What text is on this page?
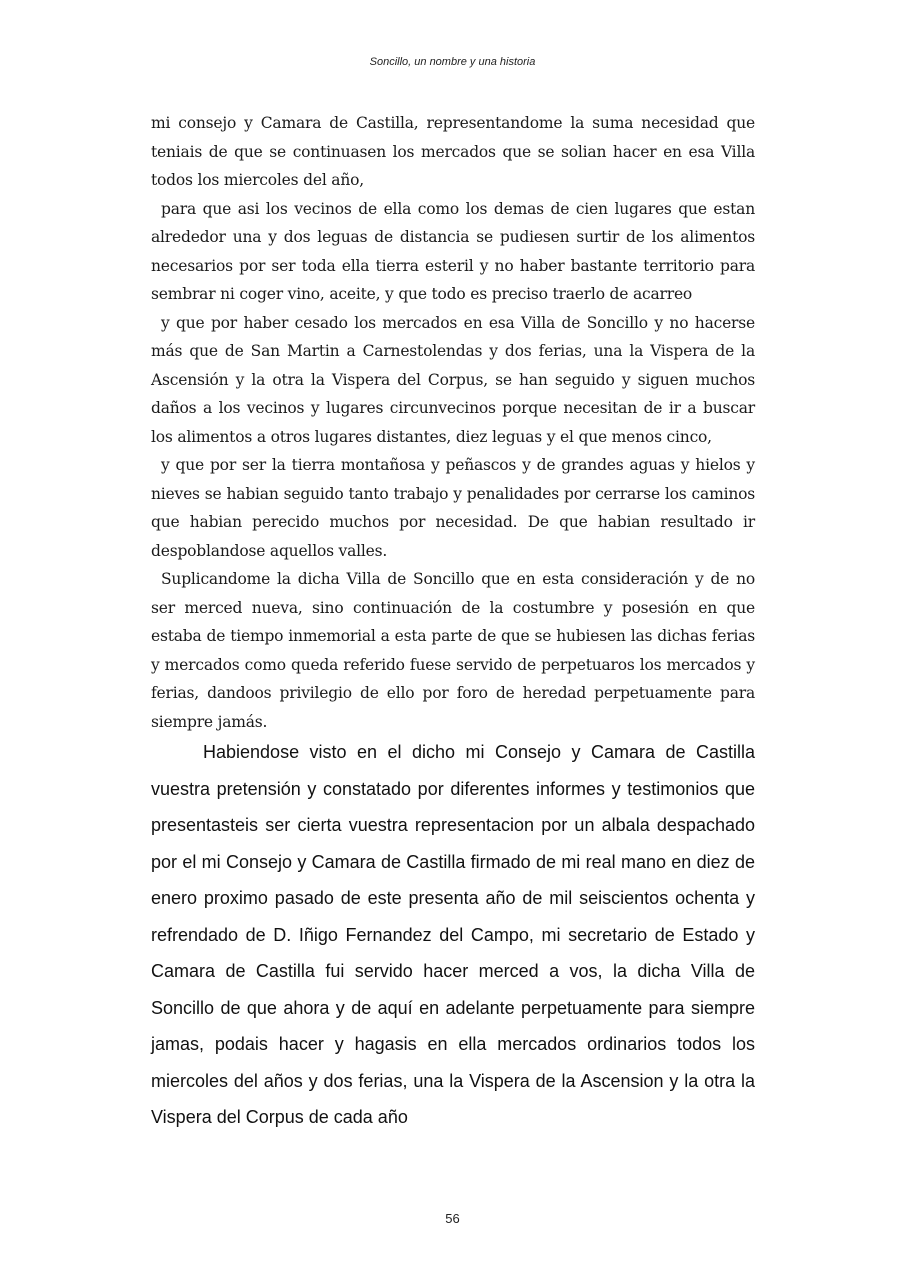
Soncillo, un nombre y una historia

mi consejo y Camara de Castilla, representandome la suma necesidad que teniais de que se continuasen los mercados que se solian hacer en esa Villa todos los miercoles del año,

para que asi los vecinos de ella como los demas de cien lugares que estan alrededor una y dos leguas de distancia se pudiesen surtir de los alimentos necesarios por ser toda ella tierra esteril y no haber bastante territorio para sembrar ni coger vino, aceite, y que todo es preciso traerlo de acarreo

y que por haber cesado los mercados en esa Villa de Soncillo y no hacerse más que de San Martin a Carnestolendas y dos ferias, una la Vispera de la Ascensión y la otra la Vispera del Corpus, se han seguido y siguen muchos daños a los vecinos y lugares circunvecinos porque necesitan de ir a buscar los alimentos a otros lugares distantes, diez leguas y el que menos cinco,

y que por ser la tierra montañosa y peñascos y de grandes aguas y hielos y nieves se habian seguido tanto trabajo y penalidades por cerrarse los caminos que habian perecido muchos por necesidad. De que habian resultado ir despoblandose aquellos valles.

Suplicandome la dicha Villa de Soncillo que en esta consideración y de no ser merced nueva, sino continuación de la costumbre y posesión en que estaba de tiempo inmemorial a esta parte de que se hubiesen las dichas ferias y mercados como queda referido fuese servido de perpetuaros los mercados y ferias, dandoos privilegio de ello por foro de heredad perpetuamente para siempre jamás.

Habiendose visto en el dicho mi Consejo y Camara de Castilla vuestra pretensión y constatado por diferentes informes y testimonios que presentasteis ser cierta vuestra representacion por un albala despachado por el mi Consejo y Camara de Castilla firmado de mi real mano en diez de enero proximo pasado de este presenta año de mil seiscientos ochenta y refrendado de D. Iñigo Fernandez del Campo, mi secretario de Estado y Camara de Castilla fui servido hacer merced a vos, la dicha Villa de Soncillo de que ahora y de aquí en adelante perpetuamente para siempre jamas, podais hacer y hagasis en ella mercados ordinarios todos los miercoles del años y dos ferias, una la Vispera de la Ascension y la otra la Vispera del Corpus de cada año

56
